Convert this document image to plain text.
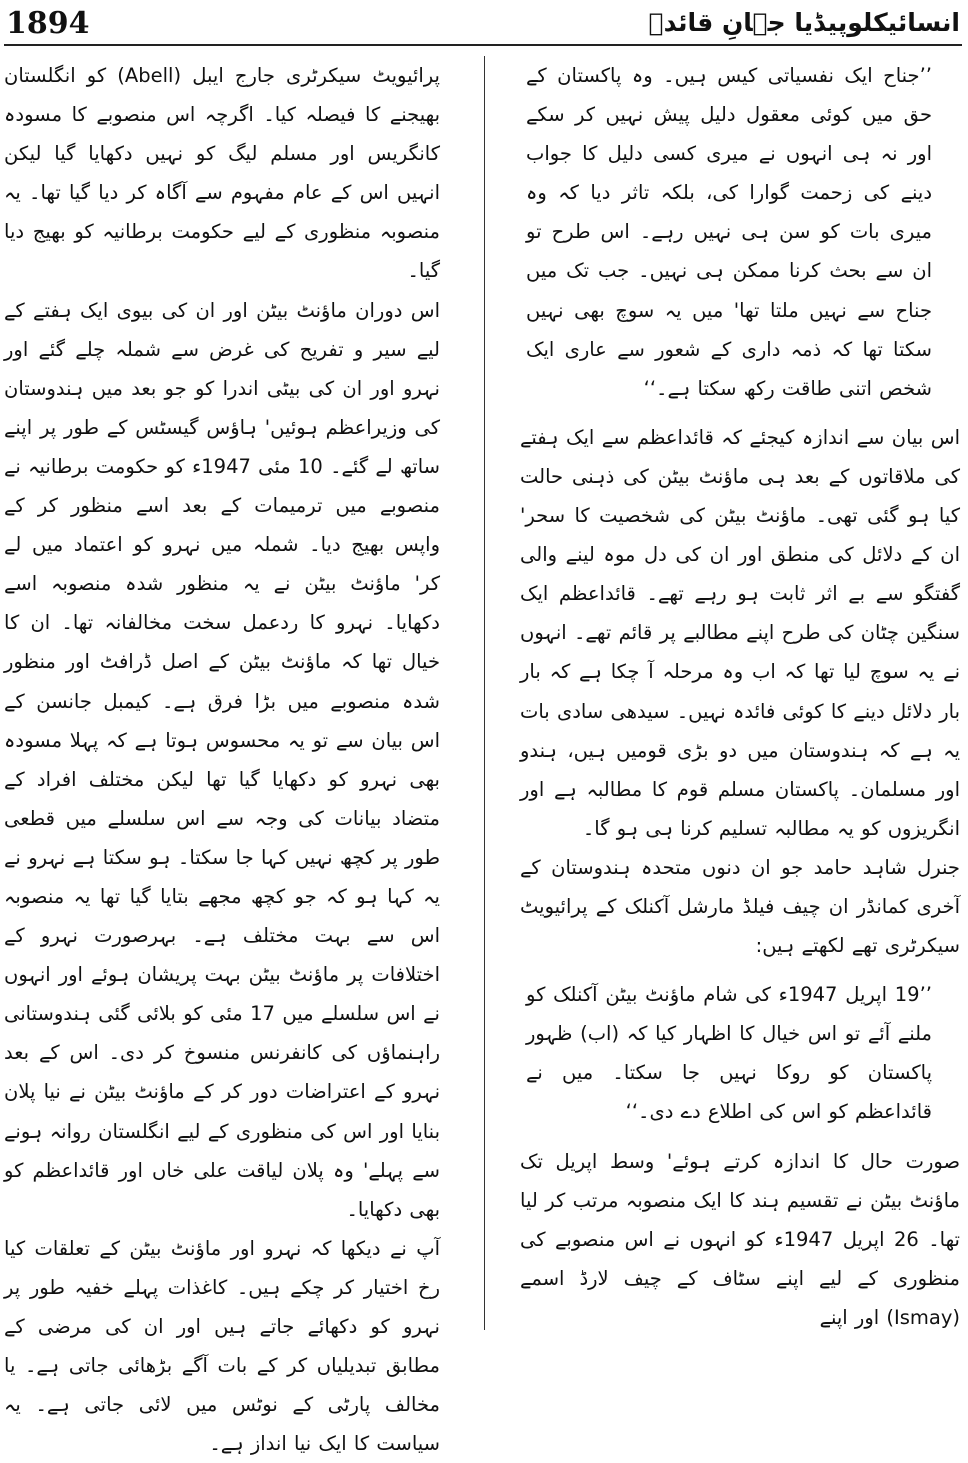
1894	انسائیکلوپیڈیا جہانِ قائدؒ

’’جناح ایک نفسیاتی کیس ہیں۔ وہ پاکستان کے حق میں کوئی معقول دلیل پیش نہیں کر سکے اور نہ ہی انہوں نے میری کسی دلیل کا جواب دینے کی زحمت گوارا کی، بلکہ تاثر دیا کہ وہ میری بات کو سن ہی نہیں رہے۔ اس طرح تو ان سے بحث کرنا ممکن ہی نہیں۔ جب تک میں جناح سے نہیں ملتا تھا' میں یہ سوچ بھی نہیں سکتا تھا کہ ذمہ داری کے شعور سے عاری ایک شخص اتنی طاقت رکھ سکتا ہے۔‘‘

اس بیان سے اندازہ کیجئے کہ قائداعظم سے ایک ہفتے کی ملاقاتوں کے بعد ہی ماؤنٹ بیٹن کی ذہنی حالت کیا ہو گئی تھی۔ ماؤنٹ بیٹن کی شخصیت کا سحر' ان کے دلائل کی منطق اور ان کی دل موہ لینے والی گفتگو سے بے اثر ثابت ہو رہے تھے۔ قائداعظم ایک سنگین چٹان کی طرح اپنے مطالبے پر قائم تھے۔ انہوں نے یہ سوچ لیا تھا کہ اب وہ مرحلہ آ چکا ہے کہ بار بار دلائل دینے کا کوئی فائدہ نہیں۔ سیدھی سادی بات یہ ہے کہ ہندوستان میں دو بڑی قومیں ہیں، ہندو اور مسلمان۔ پاکستان مسلم قوم کا مطالبہ ہے اور انگریزوں کو یہ مطالبہ تسلیم کرنا ہی ہو گا۔

جنرل شاہد حامد جو ان دنوں متحدہ ہندوستان کے آخری کمانڈر ان چیف فیلڈ مارشل آکنلک کے پرائیویٹ سیکرٹری تھے لکھتے ہیں:

’’19 اپریل 1947ء کی شام ماؤنٹ بیٹن آکنلک کو ملنے آئے تو اس خیال کا اظہار کیا کہ (اب) ظہور پاکستان کو روکا نہیں جا سکتا۔ میں نے قائداعظم کو اس کی اطلاع دے دی۔‘‘

صورت حال کا اندازہ کرتے ہوئے' وسط اپریل تک ماؤنٹ بیٹن نے تقسیم ہند کا ایک منصوبہ مرتب کر لیا تھا۔ 26 اپریل 1947ء کو انہوں نے اس منصوبے کی منظوری کے لیے اپنے سٹاف کے چیف لارڈ اسمے (Ismay) اور اپنے

پرائیویٹ سیکرٹری جارج ایبل (Abell) کو انگلستان بھیجنے کا فیصلہ کیا۔ اگرچہ اس منصوبے کا مسودہ کانگریس اور مسلم لیگ کو نہیں دکھایا گیا لیکن انہیں اس کے عام مفہوم سے آگاہ کر دیا گیا تھا۔ یہ منصوبہ منظوری کے لیے حکومت برطانیہ کو بھیج دیا گیا۔

اس دوران ماؤنٹ بیٹن اور ان کی بیوی ایک ہفتے کے لیے سیر و تفریح کی غرض سے شملہ چلے گئے اور نہرو اور ان کی بیٹی اندرا کو جو بعد میں ہندوستان کی وزیراعظم ہوئیں' ہاؤس گیسٹس کے طور پر اپنے ساتھ لے گئے۔ 10 مئی 1947ء کو حکومت برطانیہ نے منصوبے میں ترمیمات کے بعد اسے منظور کر کے واپس بھیج دیا۔ شملہ میں نہرو کو اعتماد میں لے کر' ماؤنٹ بیٹن نے یہ منظور شدہ منصوبہ اسے دکھایا۔ نہرو کا ردعمل سخت مخالفانہ تھا۔ ان کا خیال تھا کہ ماؤنٹ بیٹن کے اصل ڈرافٹ اور منظور شدہ منصوبے میں بڑا فرق ہے۔ کیمبل جانسن کے اس بیان سے تو یہ محسوس ہوتا ہے کہ پہلا مسودہ بھی نہرو کو دکھایا گیا تھا لیکن مختلف افراد کے متضاد بیانات کی وجہ سے اس سلسلے میں قطعی طور پر کچھ نہیں کہا جا سکتا۔ ہو سکتا ہے نہرو نے یہ کہا ہو کہ جو کچھ مجھے بتایا گیا تھا یہ منصوبہ اس سے بہت مختلف ہے۔ بہرصورت نہرو کے اختلافات پر ماؤنٹ بیٹن بہت پریشان ہوئے اور انہوں نے اس سلسلے میں 17 مئی کو بلائی گئی ہندوستانی راہنماؤں کی کانفرنس منسوخ کر دی۔ اس کے بعد نہرو کے اعتراضات دور کر کے ماؤنٹ بیٹن نے نیا پلان بنایا اور اس کی منظوری کے لیے انگلستان روانہ ہونے سے پہلے' وہ پلان لیاقت علی خاں اور قائداعظم کو بھی دکھایا۔

آپ نے دیکھا کہ نہرو اور ماؤنٹ بیٹن کے تعلقات کیا رخ اختیار کر چکے ہیں۔ کاغذات پہلے خفیہ طور پر نہرو کو دکھائے جاتے ہیں اور ان کی مرضی کے مطابق تبدیلیاں کر کے بات آگے بڑھائی جاتی ہے۔ یا مخالف پارٹی کے نوٹس میں لائی جاتی ہے۔ یہ سیاست کا ایک نیا انداز ہے۔
